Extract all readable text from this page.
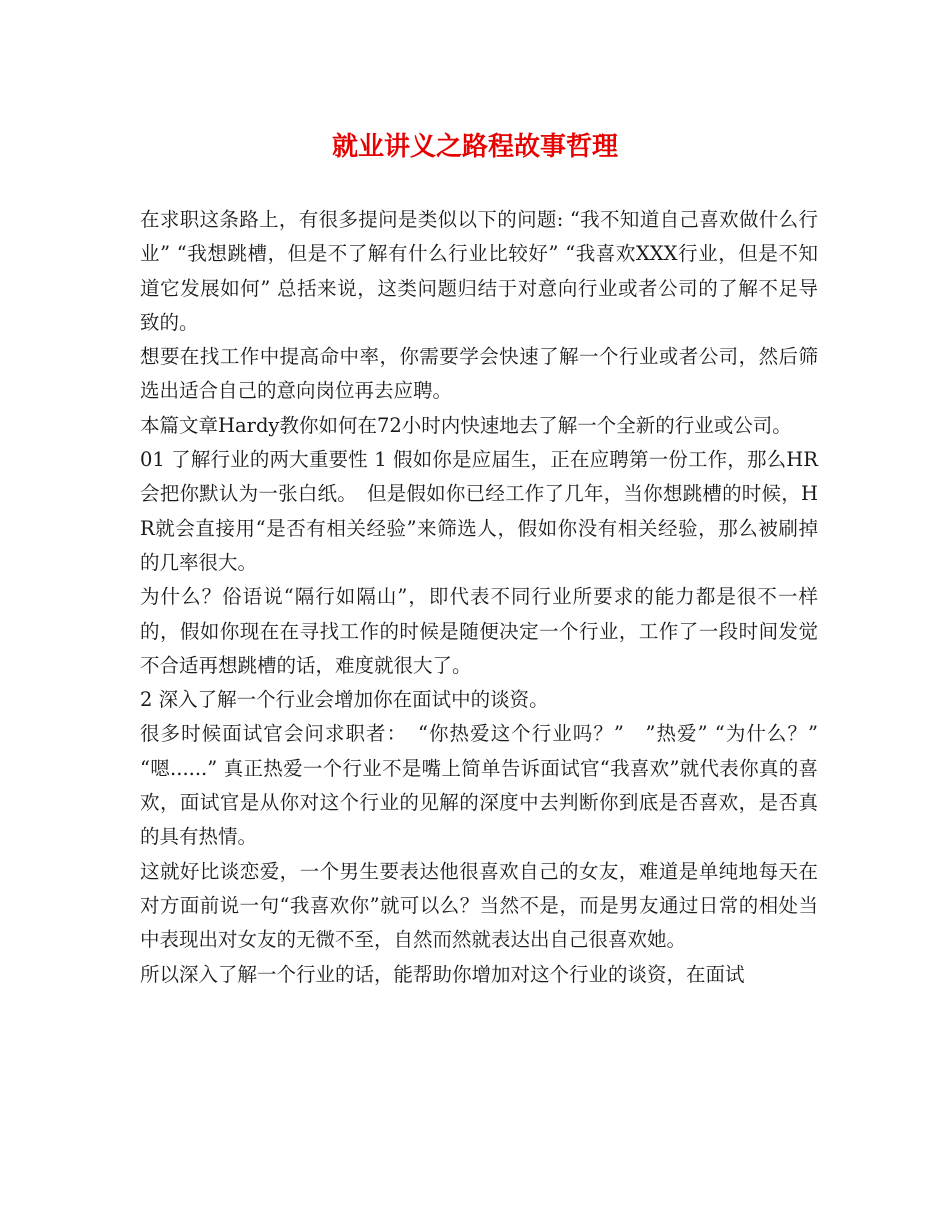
就业讲义之路程故事哲理

在求职这条路上，有很多提问是类似以下的问题: “我不知道自己喜欢做什么行业” “我想跳槽，但是不了解有什么行业比较好” “我喜欢XXX行业，但是不知道它发展如何” 总括来说，这类问题归结于对意向行业或者公司的了解不足导致的。

想要在找工作中提高命中率，你需要学会快速了解一个行业或者公司，然后筛选出适合自己的意向岗位再去应聘。

本篇文章Hardy教你如何在72小时内快速地去了解一个全新的行业或公司。

01 了解行业的两大重要性 1 假如你是应届生，正在应聘第一份工作，那么HR会把你默认为一张白纸。　但是假如你已经工作了几年，当你想跳槽的时候，HR就会直接用“是否有相关经验”来筛选人，假如你没有相关经验，那么被刷掉的几率很大。

为什么？俗语说“隔行如隔山”，即代表不同行业所要求的能力都是很不一样的，假如你现在在寻找工作的时候是随便决定一个行业，工作了一段时间发觉不合适再想跳槽的话，难度就很大了。

2 深入了解一个行业会增加你在面试中的谈资。

很多时候面试官会问求职者：　“你热爱这个行业吗？”　”热爱” “为什么？” “嗯......” 真正热爱一个行业不是嘴上简单告诉面试官“我喜欢”就代表你真的喜欢，面试官是从你对这个行业的见解的深度中去判断你到底是否喜欢，是否真的具有热情。

这就好比谈恋爱，一个男生要表达他很喜欢自己的女友，难道是单纯地每天在对方面前说一句“我喜欢你”就可以么？当然不是，而是男友通过日常的相处当中表现出对女友的无微不至，自然而然就表达出自己很喜欢她。

所以深入了解一个行业的话，能帮助你增加对这个行业的谈资，在面试
